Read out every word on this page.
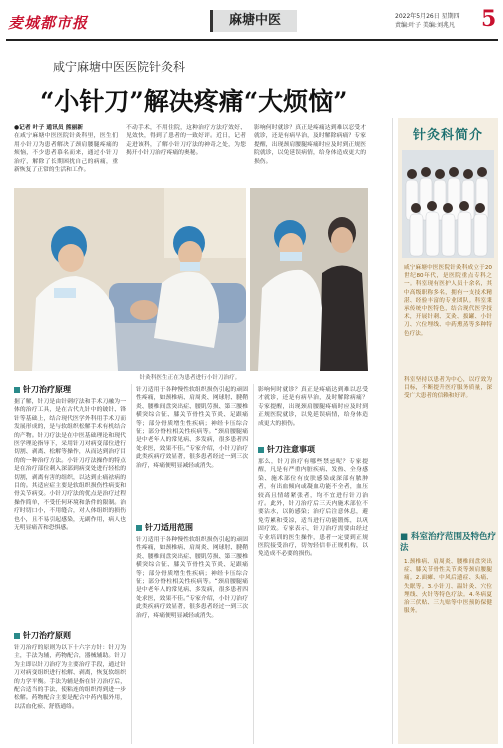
麦城都市报	麻塘中医	2022年5月26日 星期四
责编:叶子 美编:刘兆凡 5
咸宁麻塘中医医院针灸科
“小针刀”解决疼痛“大烦恼”
●记者 叶子 通讯员 熊丽新
在咸宁麻塘中医医院针灸科里，医生们用小针刀为患者解决了颈肩腰腿疼痛的烦恼，不少患者慕名而来，通过小针刀治疗，解除了长期困扰自己的病痛，重新恢复了正常的生活和工作。
不动手术，不用住院，这种治疗方法疗效好、见效快，得到了患者的一致好评。近日，记者走进该科，了解小针刀疗法的神奇之处，为您揭开小针刀治疗疼痛的奥秘。
影响何时就诊？真正是疼痛达到难以忍受才就诊，还是有病早治，及时解除病痛？专家提醒，出现颈肩腰腿疼痛时应及时到正规医院就诊，以免延误病情，给身体造成更大的损伤。
针灸科医生正在为患者进行小针刀治疗。
针刀治疗原理
据了解，针刀是由针刺疗法和手术刀融为一体的治疗工具，是在古代九针中的铍针、锋针等基础上，结合现代医学外科用手术刀而发展形成的，是与软组织松解手术有机结合的产物。针刀疗法是在中医基础理论和现代医学理论指导下，采用针刀对病变部位进行切割、剥离、松解等操作，从而达到治疗目的的一种治疗方法。小针刀疗法操作的特点是在治疗部位刺入深部到病变处进行轻松的切割，剥离有害的组织，以达到止痛祛病的目的。其适应症主要是软组织损伤性病变和骨关节病变。小针刀疗法的优点是治疗过程操作简单，不受任何环境和条件的限制。治疗时切口小，不用缝合，对人体组织的损伤也小，且不易引起感染，无副作用，病人也无明显痛苦和恐惧感。
针刀治疗原则
针刀治疗的原则为以下十六字方针：针刀为主，手法为辅，药物配合，器械辅助。针刀为主即以针刀治疗为主要治疗手段，通过针刀对病变组织进行松解、剥离，恢复软组织的力学平衡。手法为辅是指在针刀治疗后，配合适当的手法，使粘连的组织得到进一步松解。药物配合主要是配合中药内服外用，以活血化瘀、舒筋通络。
针刀适用于各种慢性软组织损伤引起的顽固性疼痛，如颈椎病、肩周炎、网球肘、腱鞘炎、腰椎间盘突出症、腰肌劳损、第三腰椎横突综合征、膝关节骨性关节炎、足跟痛等；部分骨质增生性疾病；神经卡压综合征；部分脊柱相关性疾病等。“颈肩腰腿痛是中老年人的常见病、多发病，很多患者四处求医，效果不佳。”专家介绍，小针刀治疗此类疾病疗效显著，很多患者经过一到三次治疗，疼痛便明显减轻或消失。
针刀适用范围
针刀适用于各种慢性软组织损伤引起的顽固性疼痛，如颈椎病、肩周炎、网球肘、腱鞘炎、腰椎间盘突出症、腰肌劳损、第三腰椎横突综合征、膝关节骨性关节炎、足跟痛等；部分骨质增生性疾病；神经卡压综合征；部分脊柱相关性疾病等。“颈肩腰腿痛是中老年人的常见病、多发病，很多患者四处求医，效果不佳。”专家介绍，小针刀治疗此类疾病疗效显著，很多患者经过一到三次治疗，疼痛便明显减轻或消失。
影响何时就诊？真正是疼痛达到难以忍受才就诊，还是有病早治，及时解除病痛？专家提醒，出现颈肩腰腿疼痛时应及时到正规医院就诊，以免延误病情，给身体造成更大的损伤。
针刀注意事项
那么，针刀治疗有哪些禁忌呢？专家提醒，凡是有严重内脏疾病、发热、全身感染、施术部位有皮肤感染或深部有脓肿者，有出血倾向或凝血功能不全者，血压较高且情绪紧张者，均不宜进行针刀治疗。此外，针刀治疗后三天内施术部位不要沾水，以防感染；治疗后注意休息，避免劳累和受凉，适当进行功能锻炼，以巩固疗效。专家表示，针刀治疗需要由经过专业培训的医生操作，患者一定要到正规医院接受治疗，切勿轻信非正规机构，以免造成不必要的损伤。
针灸科简介
咸宁麻塘中医医院针灸科成立于20世纪80年代，是医院重点专科之一。科室现有医护人员十余名，其中高级职称多名，拥有一支技术精湛、经验丰富的专业团队。科室秉承传统中医特色，结合现代医学技术，开展针刺、艾灸、拔罐、小针刀、穴位埋线、中药熏蒸等多种特色疗法。
科室坚持以患者为中心，以疗效为目标，不断提升医疗服务质量，深受广大患者的信赖和好评。
■ 科室治疗范围及特色疗法
1.颈椎病、肩周炎、腰椎间盘突出症、膝关节骨性关节炎等颈肩腰腿痛。2.面瘫、中风后遗症、头痛、失眠等。3.小针刀、温针灸、穴位埋线、火针等特色疗法。4.冬病夏治三伏贴、三九贴等中医预防保健服务。
